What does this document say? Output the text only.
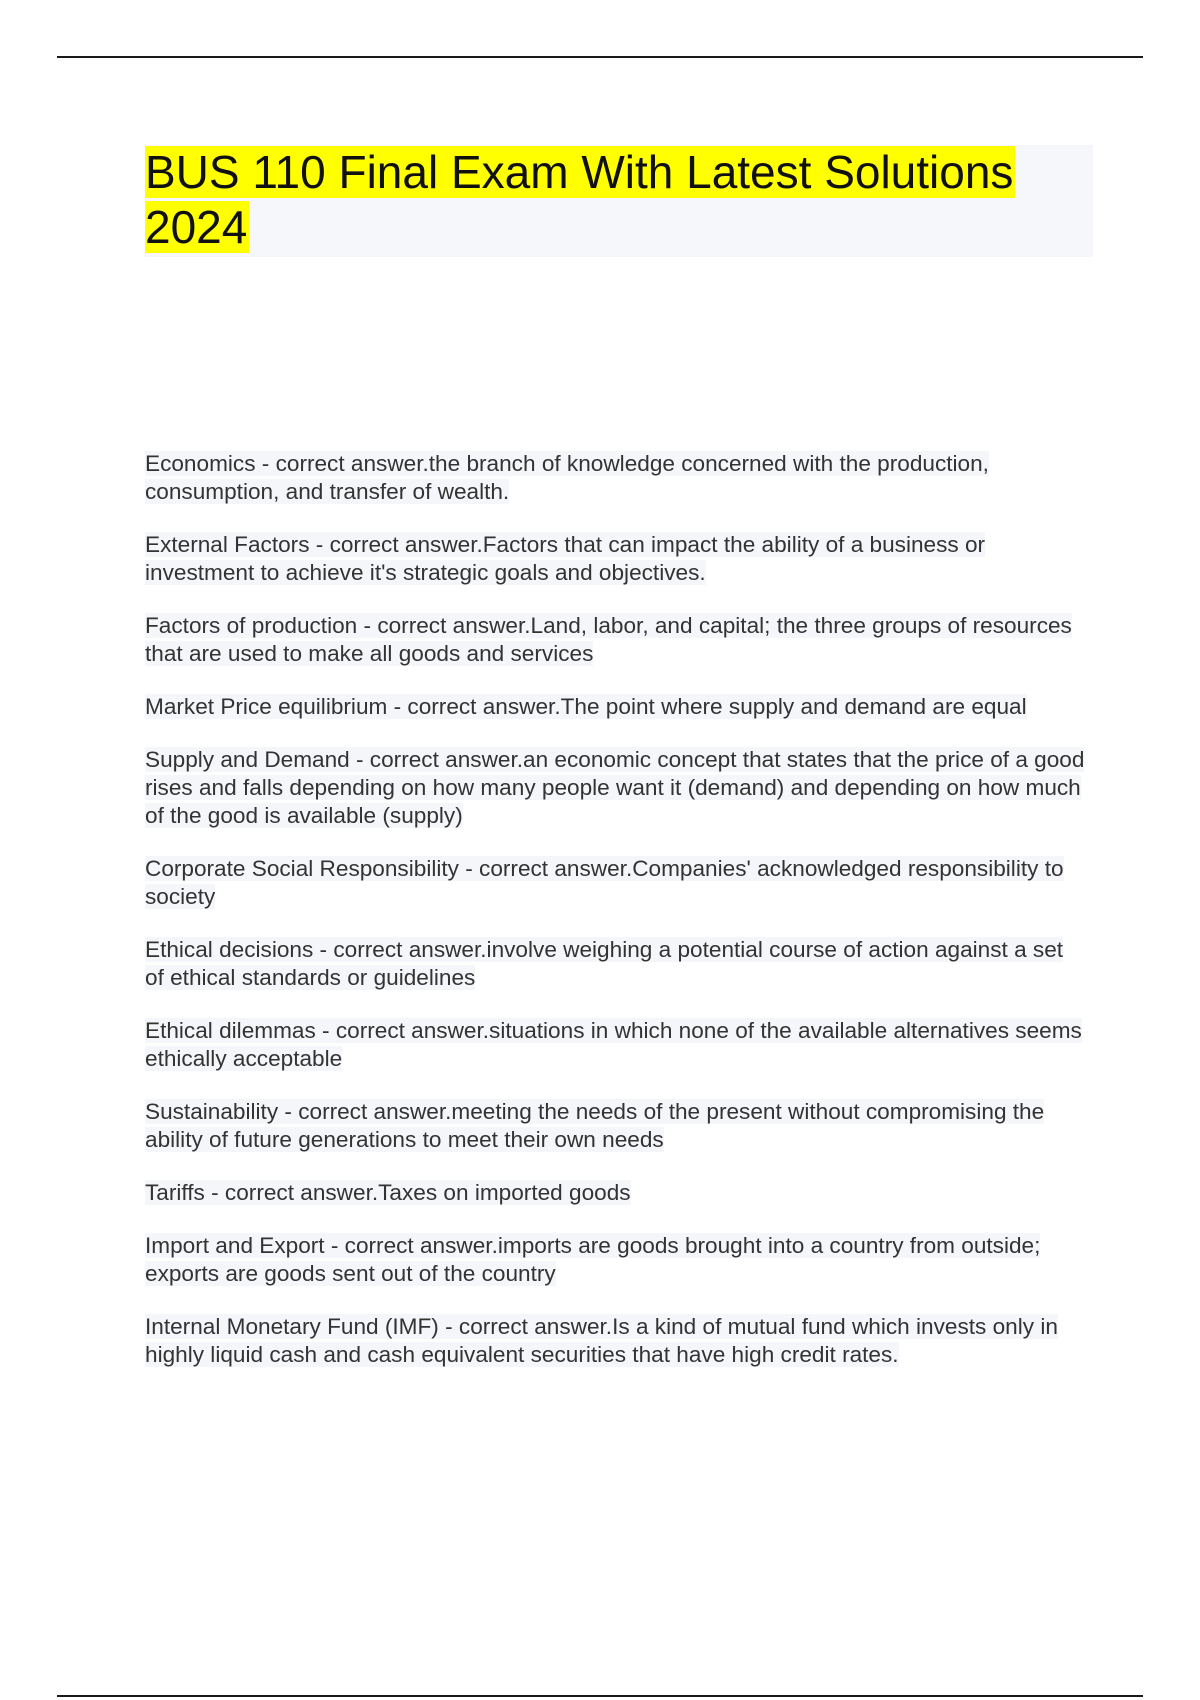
BUS 110 Final Exam With Latest Solutions 2024
Economics - correct answer.the branch of knowledge concerned with the production, consumption, and transfer of wealth.
External Factors - correct answer.Factors that can impact the ability of a business or investment to achieve it's strategic goals and objectives.
Factors of production - correct answer.Land, labor, and capital; the three groups of resources that are used to make all goods and services
Market Price equilibrium - correct answer.The point where supply and demand are equal
Supply and Demand - correct answer.an economic concept that states that the price of a good rises and falls depending on how many people want it (demand) and depending on how much of the good is available (supply)
Corporate Social Responsibility - correct answer.Companies' acknowledged responsibility to society
Ethical decisions - correct answer.involve weighing a potential course of action against a set of ethical standards or guidelines
Ethical dilemmas - correct answer.situations in which none of the available alternatives seems ethically acceptable
Sustainability - correct answer.meeting the needs of the present without compromising the ability of future generations to meet their own needs
Tariffs - correct answer.Taxes on imported goods
Import and Export - correct answer.imports are goods brought into a country from outside; exports are goods sent out of the country
Internal Monetary Fund (IMF) - correct answer.Is a kind of mutual fund which invests only in highly liquid cash and cash equivalent securities that have high credit rates.
